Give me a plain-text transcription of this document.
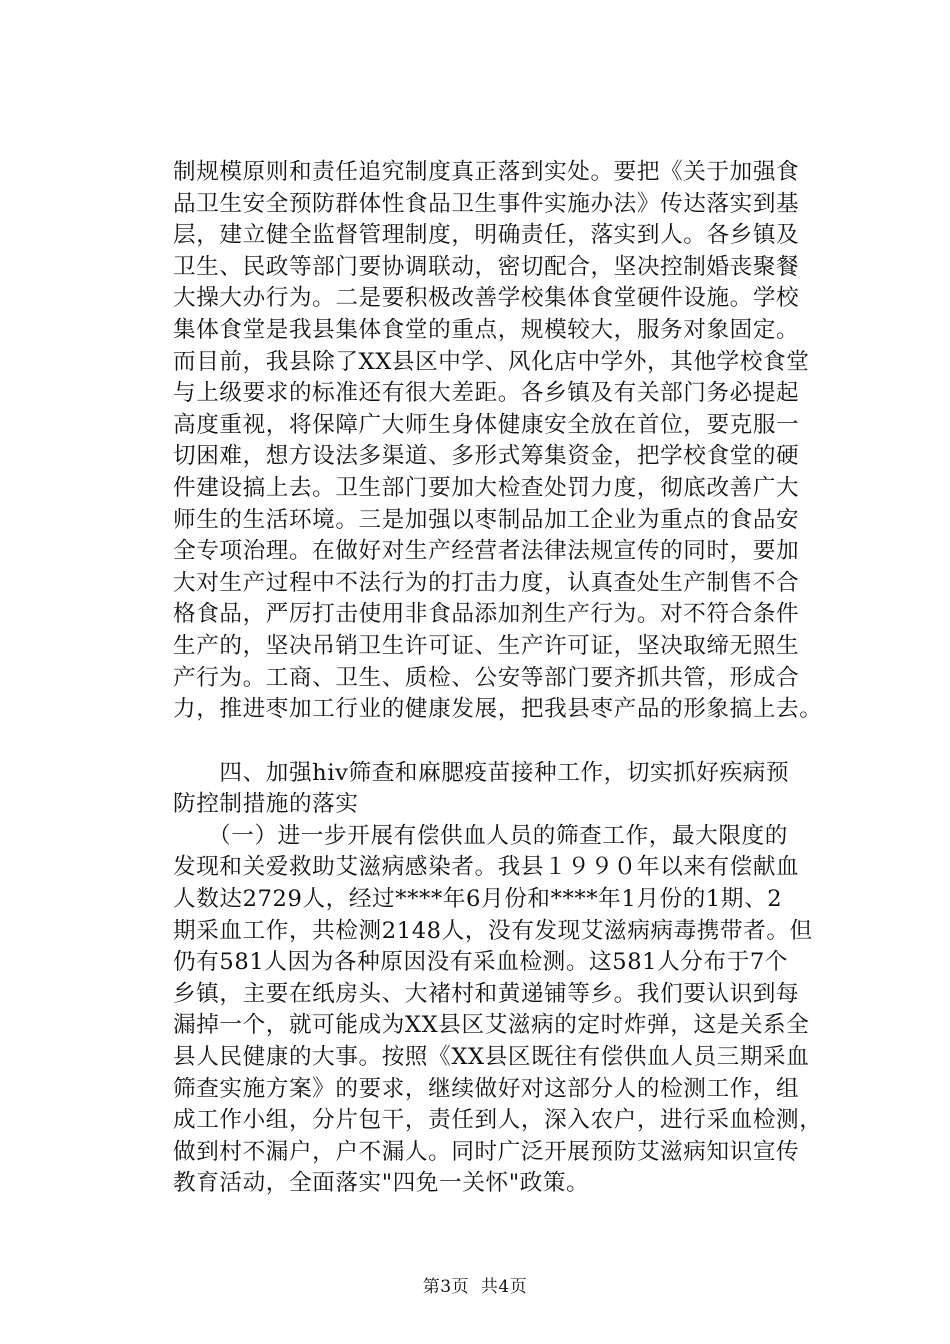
制规模原则和责任追究制度真正落到实处。要把《关于加强食
品卫生安全预防群体性食品卫生事件实施办法》传达落实到基
层，建立健全监督管理制度，明确责任，落实到人。各乡镇及
卫生、民政等部门要协调联动，密切配合，坚决控制婚丧聚餐
大操大办行为。二是要积极改善学校集体食堂硬件设施。学校
集体食堂是我县集体食堂的重点，规模较大，服务对象固定。
而目前，我县除了XX县区中学、风化店中学外，其他学校食堂
与上级要求的标准还有很大差距。各乡镇及有关部门务必提起
高度重视，将保障广大师生身体健康安全放在首位，要克服一
切困难，想方设法多渠道、多形式筹集资金，把学校食堂的硬
件建设搞上去。卫生部门要加大检查处罚力度，彻底改善广大
师生的生活环境。三是加强以枣制品加工企业为重点的食品安
全专项治理。在做好对生产经营者法律法规宣传的同时，要加
大对生产过程中不法行为的打击力度，认真查处生产制售不合
格食品，严厉打击使用非食品添加剂生产行为。对不符合条件
生产的，坚决吊销卫生许可证、生产许可证，坚决取缔无照生
产行为。工商、卫生、质检、公安等部门要齐抓共管，形成合
力，推进枣加工行业的健康发展，把我县枣产品的形象搞上去。

　　四、加强hiv筛查和麻腮疫苗接种工作，切实抓好疾病预
防控制措施的落实

　　（一）进一步开展有偿供血人员的筛查工作，最大限度的
发现和关爱救助艾滋病感染者。我县１９９０年以来有偿献血
人数达2729人，经过****年6月份和****年1月份的1期、2
期采血工作，共检测2148人，没有发现艾滋病病毒携带者。但
仍有581人因为各种原因没有采血检测。这581人分布于7个
乡镇，主要在纸房头、大褚村和黄递铺等乡。我们要认识到每
漏掉一个，就可能成为XX县区艾滋病的定时炸弹，这是关系全
县人民健康的大事。按照《XX县区既往有偿供血人员三期采血
筛查实施方案》的要求，继续做好对这部分人的检测工作，组
成工作小组，分片包干，责任到人，深入农户，进行采血检测，
做到村不漏户，户不漏人。同时广泛开展预防艾滋病知识宣传
教育活动，全面落实"四免一关怀"政策。

第3页  共4页
